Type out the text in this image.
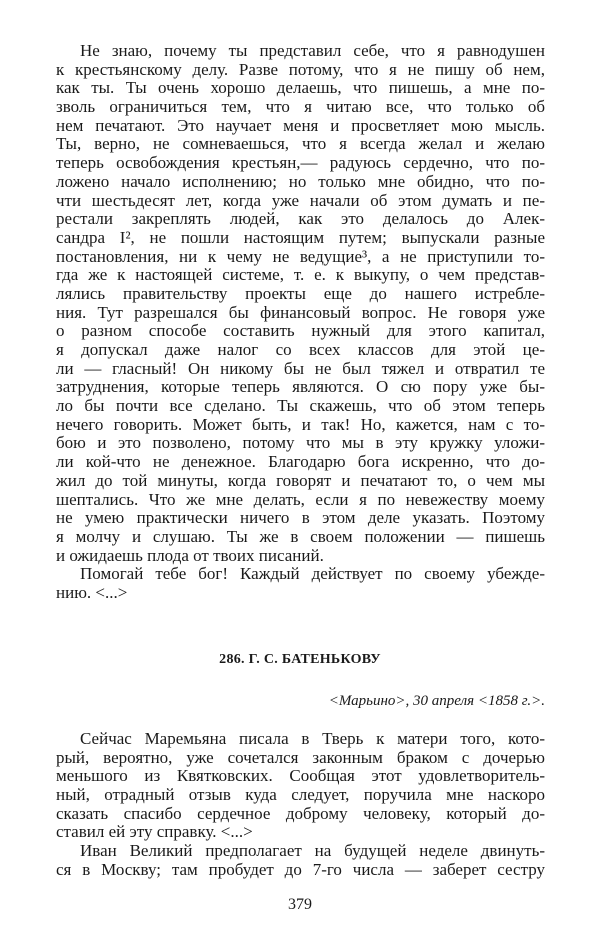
Не знаю, почему ты представил себе, что я равнодушен
к крестьянскому делу. Разве потому, что я не пишу об нем,
как ты. Ты очень хорошо делаешь, что пишешь, а мне по-
зволь ограничиться тем, что я читаю все, что только об
нем печатают. Это научает меня и просветляет мою мысль.
Ты, верно, не сомневаешься, что я всегда желал и желаю
теперь освобождения крестьян,— радуюсь сердечно, что по-
ложено начало исполнению; но только мне обидно, что по-
чти шестьдесят лет, когда уже начали об этом думать и пе-
рестали закреплять людей, как это делалось до Алек-
сандра I², не пошли настоящим путем; выпускали разные
постановления, ни к чему не ведущие³, а не приступили то-
гда же к настоящей системе, т. е. к выкупу, о чем представ-
лялись правительству проекты еще до нашего истребле-
ния. Тут разрешался бы финансовый вопрос. Не говоря уже
о разном способе составить нужный для этого капитал,
я допускал даже налог со всех классов для этой це-
ли — гласный! Он никому бы не был тяжел и отвратил те
затруднения, которые теперь являются. О сю пору уже бы-
ло бы почти все сделано. Ты скажешь, что об этом теперь
нечего говорить. Может быть, и так! Но, кажется, нам с то-
бою и это позволено, потому что мы в эту кружку уложи-
ли кой-что не денежное. Благодарю бога искренно, что до-
жил до той минуты, когда говорят и печатают то, о чем мы
шептались. Что же мне делать, если я по невежеству моему
не умею практически ничего в этом деле указать. Поэтому
я молчу и слушаю. Ты же в своем положении — пишешь
и ожидаешь плода от твоих писаний.
Помогай тебе бог! Каждый действует по своему убежде-
нию. <...>
286. Г. С. БАТЕНЬКОВУ
<Марьино>, 30 апреля <1858 г.>.
Сейчас Маремьяна писала в Тверь к матери того, кото-
рый, вероятно, уже сочетался законным браком с дочерью
меньшого из Квятковских. Сообщая этот удовлетворитель-
ный, отрадный отзыв куда следует, поручила мне наскоро
сказать спасибо сердечное доброму человеку, который до-
ставил ей эту справку. <...>
Иван Великий предполагает на будущей неделе двинуть-
ся в Москву; там пробудет до 7-го числа — заберет сестру
379
